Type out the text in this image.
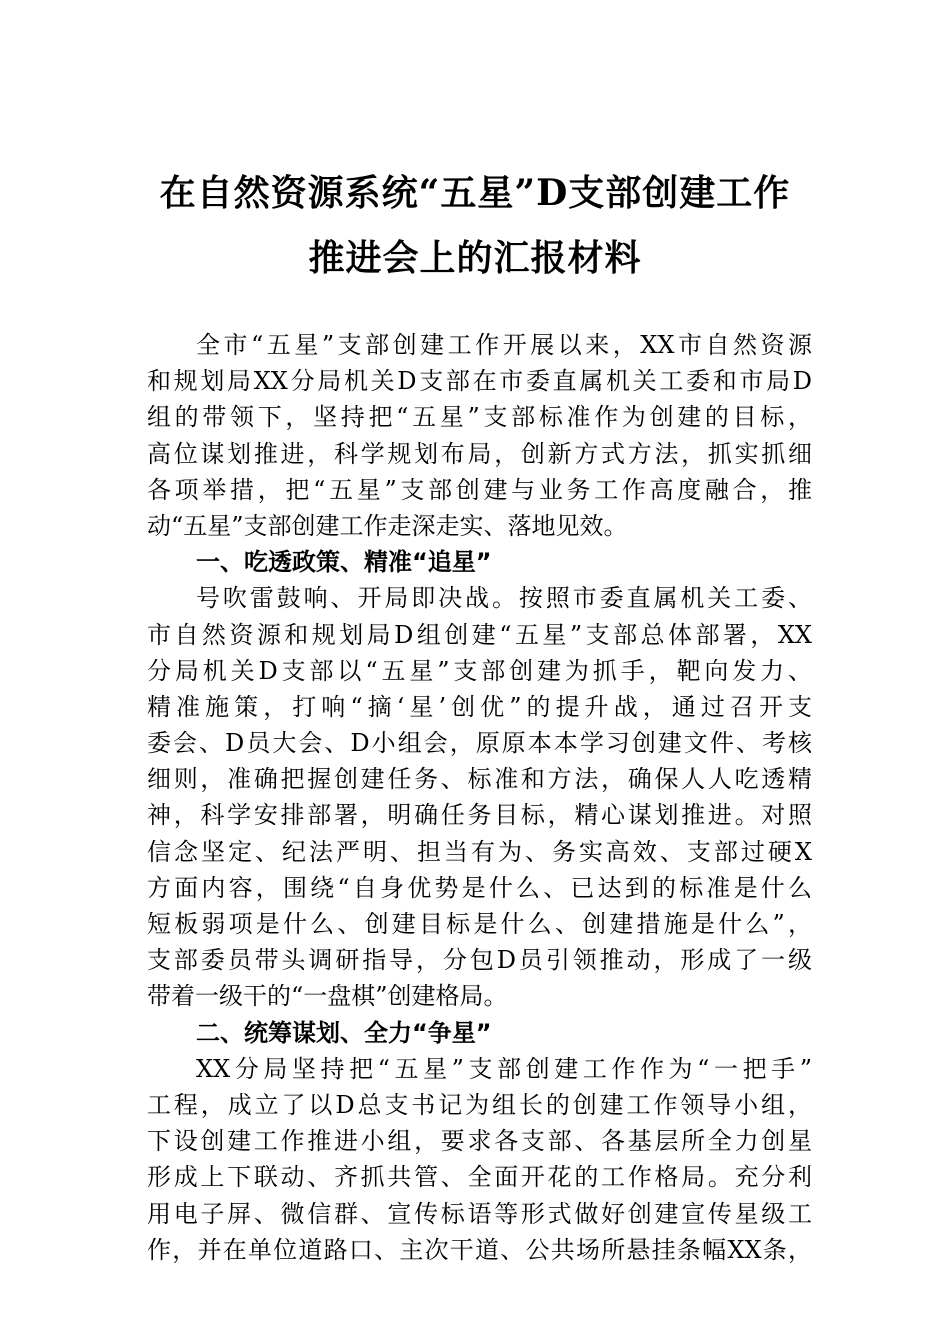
在自然资源系统“五星”D支部创建工作
推进会上的汇报材料
全市“五星”支部创建工作开展以来，XX市自然资源
和规划局XX分局机关D支部在市委直属机关工委和市局D
组的带领下，坚持把“五星”支部标准作为创建的目标，
高位谋划推进，科学规划布局，创新方式方法，抓实抓细
各项举措，把“五星”支部创建与业务工作高度融合，推
动“五星”支部创建工作走深走实、落地见效。
一、吃透政策、精准“追星”
号吹雷鼓响、开局即决战。按照市委直属机关工委、
市自然资源和规划局D组创建“五星”支部总体部署，XX
分局机关D支部以“五星”支部创建为抓手，靶向发力、
精准施策，打响“摘‘星’创优”的提升战，通过召开支
委会、D员大会、D小组会，原原本本学习创建文件、考核
细则，准确把握创建任务、标准和方法，确保人人吃透精
神，科学安排部署，明确任务目标，精心谋划推进。对照
信念坚定、纪法严明、担当有为、务实高效、支部过硬X
方面内容，围绕“自身优势是什么、已达到的标准是什么
短板弱项是什么、创建目标是什么、创建措施是什么”，
支部委员带头调研指导，分包D员引领推动，形成了一级
带着一级干的“一盘棋”创建格局。
二、统筹谋划、全力“争星”
XX分局坚持把“五星”支部创建工作作为“一把手”
工程，成立了以D总支书记为组长的创建工作领导小组，
下设创建工作推进小组，要求各支部、各基层所全力创星
形成上下联动、齐抓共管、全面开花的工作格局。充分利
用电子屏、微信群、宣传标语等形式做好创建宣传星级工
作，并在单位道路口、主次干道、公共场所悬挂条幅XX条，
